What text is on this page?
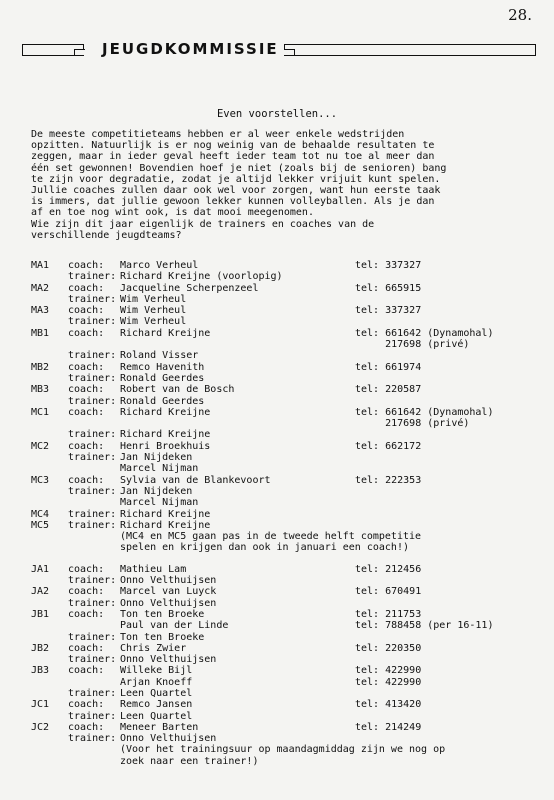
28.
JEUGDKOMMISSIE
Even voorstellen...
De meeste competitieteams hebben er al weer enkele wedstrijden
opzitten. Natuurlijk is er nog weinig van de behaalde resultaten te
zeggen, maar in ieder geval heeft ieder team tot nu toe al meer dan
één set gewonnen! Bovendien hoef je niet (zoals bij de senioren) bang
te zijn voor degradatie, zodat je altijd lekker vrijuit kunt spelen.
Jullie coaches zullen daar ook wel voor zorgen, want hun eerste taak
is immers, dat jullie gewoon lekker kunnen volleyballen. Als je dan
af en toe nog wint ook, is dat mooi meegenomen.
Wie zijn dit jaar eigenlijk de trainers en coaches van de
verschillende jeugdteams?
MA1 coach: Marco Verheul	tel: 337327
trainer: Richard Kreijne (voorlopig)
MA2 coach: Jacqueline Scherpenzeel	tel: 665915
trainer: Wim Verheul
MA3 coach: Wim Verheul	tel: 337327
trainer: Wim Verheul
MB1 coach: Richard Kreijne	tel: 661642 (Dynamohal)
217698 (privé)
trainer: Roland Visser
MB2 coach: Remco Havenith	tel: 661974
trainer: Ronald Geerdes
MB3 coach: Robert van de Bosch	tel: 220587
trainer: Ronald Geerdes
MC1 coach: Richard Kreijne	tel: 661642 (Dynamohal)
217698 (privé)
trainer: Richard Kreijne
MC2 coach: Henri Broekhuis	tel: 662172
trainer: Jan Nijdeken
Marcel Nijman
MC3 coach: Sylvia van de Blankevoort	tel: 222353
trainer: Jan Nijdeken
Marcel Nijman
MC4 trainer: Richard Kreijne
MC5 trainer: Richard Kreijne
(MC4 en MC5 gaan pas in de tweede helft competitie
spelen en krijgen dan ook in januari een coach!)
JA1 coach: Mathieu Lam	tel: 212456
trainer: Onno Velthuijsen
JA2 coach: Marcel van Luyck	tel: 670491
trainer: Onno Velthuijsen
JB1 coach: Ton ten Broeke	tel: 211753
Paul van der Linde	tel: 788458 (per 16-11)
trainer: Ton ten Broeke
JB2 coach: Chris Zwier	tel: 220350
trainer: Onno Velthuijsen
JB3 coach: Willeke Bijl	tel: 422990
Arjan Knoeff	tel: 422990
trainer: Leen Quartel
JC1 coach: Remco Jansen	tel: 413420
trainer: Leen Quartel
JC2 coach: Meneer Barten	tel: 214249
trainer: Onno Velthuijsen
(Voor het trainingsuur op maandagmiddag zijn we nog op
zoek naar een trainer!)
